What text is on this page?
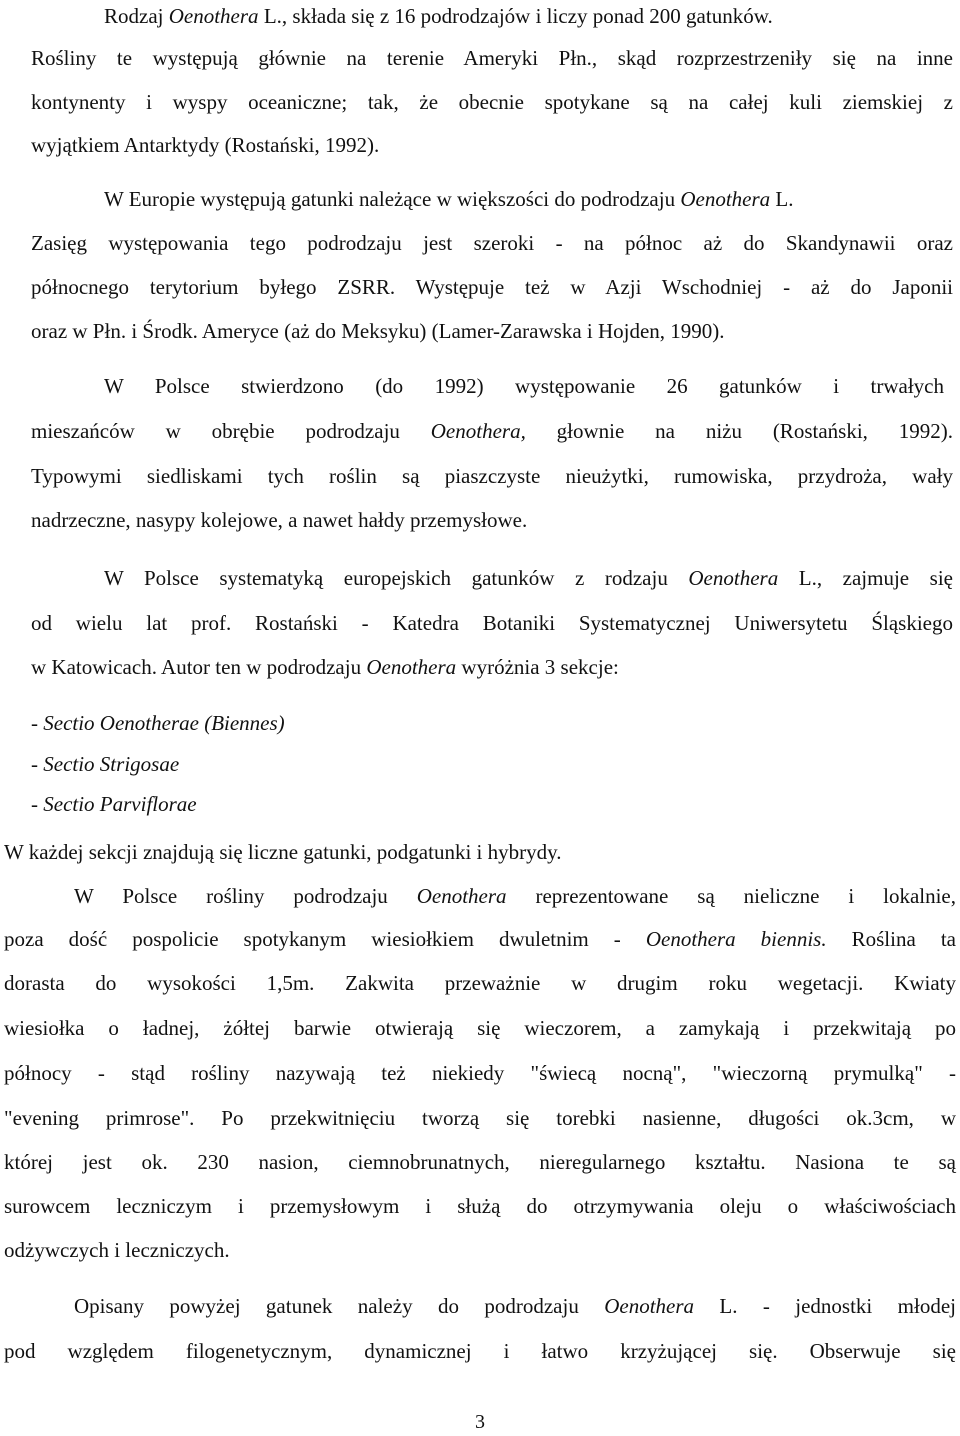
Rodzaj Oenothera L., składa się z 16 podrodzajów i liczy ponad 200 gatunków.
Rośliny te występują głównie na terenie Ameryki Płn., skąd rozprzestrzeniły się na inne
kontynenty i wyspy oceaniczne; tak, że obecnie spotykane są na całej kuli ziemskiej z
wyjątkiem Antarktydy (Rostański, 1992).
W Europie występują gatunki należące w większości do podrodzaju Oenothera L.
Zasięg występowania tego podrodzaju jest szeroki - na północ aż do Skandynawii oraz
północnego terytorium byłego ZSRR. Występuje też w Azji Wschodniej - aż do Japonii
oraz w Płn. i Środk. Ameryce (aż do Meksyku) (Lamer-Zarawska i Hojden, 1990).
W Polsce stwierdzono (do 1992) występowanie 26 gatunków i trwałych
mieszańców w obrębie podrodzaju Oenothera, głownie na niżu (Rostański, 1992).
Typowymi siedliskami tych roślin są piaszczyste nieużytki, rumowiska, przydroża, wały
nadrzeczne, nasypy kolejowe, a nawet hałdy przemysłowe.
W Polsce systematyką europejskich gatunków z rodzaju Oenothera L., zajmuje się
od wielu lat prof. Rostański - Katedra Botaniki Systematycznej Uniwersytetu Śląskiego
w Katowicach. Autor ten w podrodzaju Oenothera wyróżnia 3 sekcje:
- Sectio Oenotherae (Biennes)
- Sectio Strigosae
- Sectio Parviflorae
W każdej sekcji znajdują się liczne gatunki, podgatunki i hybrydy.
W Polsce rośliny podrodzaju Oenothera reprezentowane są nieliczne i lokalnie,
poza dość pospolicie spotykanym wiesiołkiem dwuletnim - Oenothera biennis. Roślina ta
dorasta do wysokości 1,5m. Zakwita przeważnie w drugim roku wegetacji. Kwiaty
wiesiołka o ładnej, żółtej barwie otwierają się wieczorem, a zamykają i przekwitają po
północy - stąd rośliny nazywają też niekiedy "świecą nocną", "wieczorną prymulką" -
"evening primrose". Po przekwitnięciu tworzą się torebki nasienne, długości ok.3cm, w
której jest ok. 230 nasion, ciemnobrunatnych, nieregularnego kształtu. Nasiona te są
surowcem leczniczym i przemysłowym i służą do otrzymywania oleju o właściwościach
odżywczych i leczniczych.
Opisany powyżej gatunek należy do podrodzaju Oenothera L. - jednostki młodej
pod względem filogenetycznym, dynamicznej i łatwo krzyżującej się. Obserwuje się
3
